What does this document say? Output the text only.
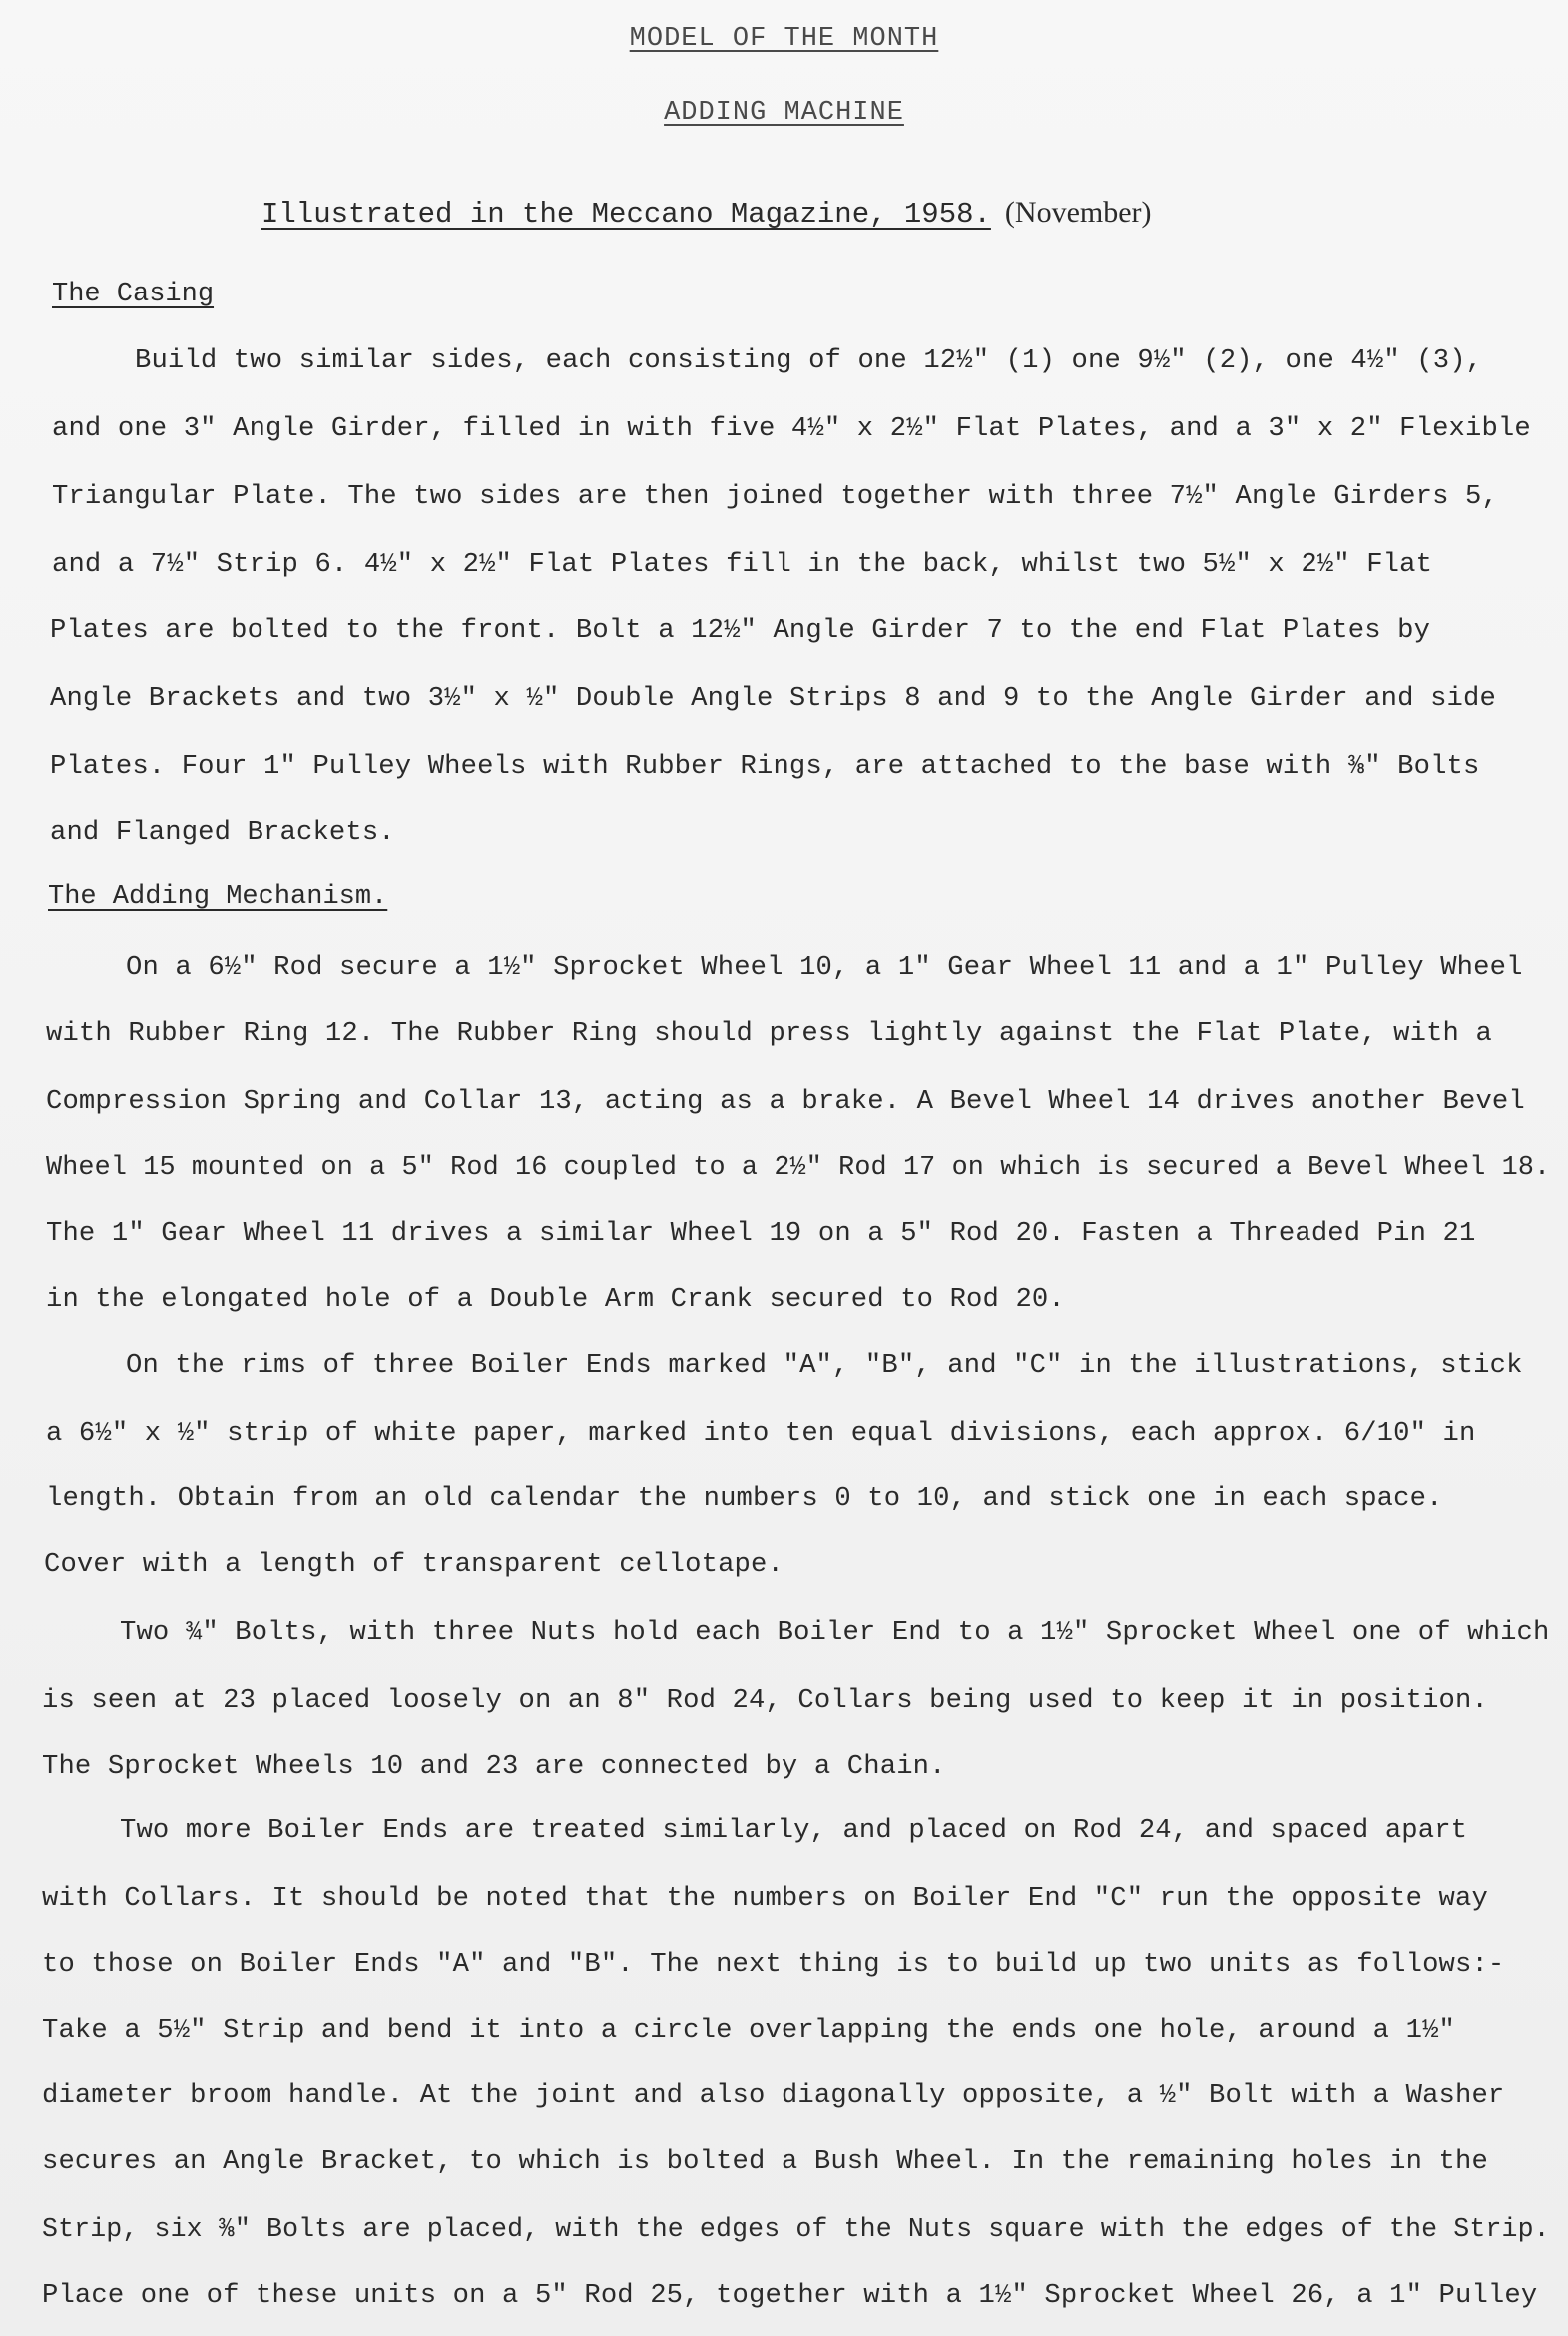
MODEL OF THE MONTH
ADDING MACHINE
Illustrated in the Meccano Magazine, 1958. (November)
The Casing
Build two similar sides, each consisting of one 12½" (1) one 9½" (2), one 4½" (3),
and one 3" Angle Girder, filled in with five 4½" x 2½" Flat Plates, and a 3" x 2" Flexible
Triangular Plate. The two sides are then joined together with three 7½" Angle Girders 5,
and a 7½" Strip 6. 4½" x 2½" Flat Plates fill in the back, whilst two 5½" x 2½" Flat
Plates are bolted to the front. Bolt a 12½" Angle Girder 7 to the end Flat Plates by
Angle Brackets and two 3½" x ½" Double Angle Strips 8 and 9 to the Angle Girder and side
Plates. Four 1" Pulley Wheels with Rubber Rings, are attached to the base with ⅜" Bolts
and Flanged Brackets.
The Adding Mechanism.
On a 6½" Rod secure a 1½" Sprocket Wheel 10, a 1" Gear Wheel 11 and a 1" Pulley Wheel
with Rubber Ring 12. The Rubber Ring should press lightly against the Flat Plate, with a
Compression Spring and Collar 13, acting as a brake. A Bevel Wheel 14 drives another Bevel
Wheel 15 mounted on a 5" Rod 16 coupled to a 2½" Rod 17 on which is secured a Bevel Wheel 18.
The 1" Gear Wheel 11 drives a similar Wheel 19 on a 5" Rod 20. Fasten a Threaded Pin 21
in the elongated hole of a Double Arm Crank secured to Rod 20.
On the rims of three Boiler Ends marked "A", "B", and "C" in the illustrations, stick
a 6½" x ½" strip of white paper, marked into ten equal divisions, each approx. 6/10" in
length. Obtain from an old calendar the numbers 0 to 10, and stick one in each space.
Cover with a length of transparent cellotape.
Two ¾" Bolts, with three Nuts hold each Boiler End to a 1½" Sprocket Wheel one of which
is seen at 23 placed loosely on an 8" Rod 24, Collars being used to keep it in position.
The Sprocket Wheels 10 and 23 are connected by a Chain.
Two more Boiler Ends are treated similarly, and placed on Rod 24, and spaced apart
with Collars. It should be noted that the numbers on Boiler End "C" run the opposite way
to those on Boiler Ends "A" and "B". The next thing is to build up two units as follows:-
Take a 5½" Strip and bend it into a circle overlapping the ends one hole, around a 1½"
diameter broom handle. At the joint and also diagonally opposite, a ½" Bolt with a Washer
secures an Angle Bracket, to which is bolted a Bush Wheel. In the remaining holes in the
Strip, six ⅜" Bolts are placed, with the edges of the Nuts square with the edges of the Strip.
Place one of these units on a 5" Rod 25, together with a 1½" Sprocket Wheel 26, a 1" Pulley
